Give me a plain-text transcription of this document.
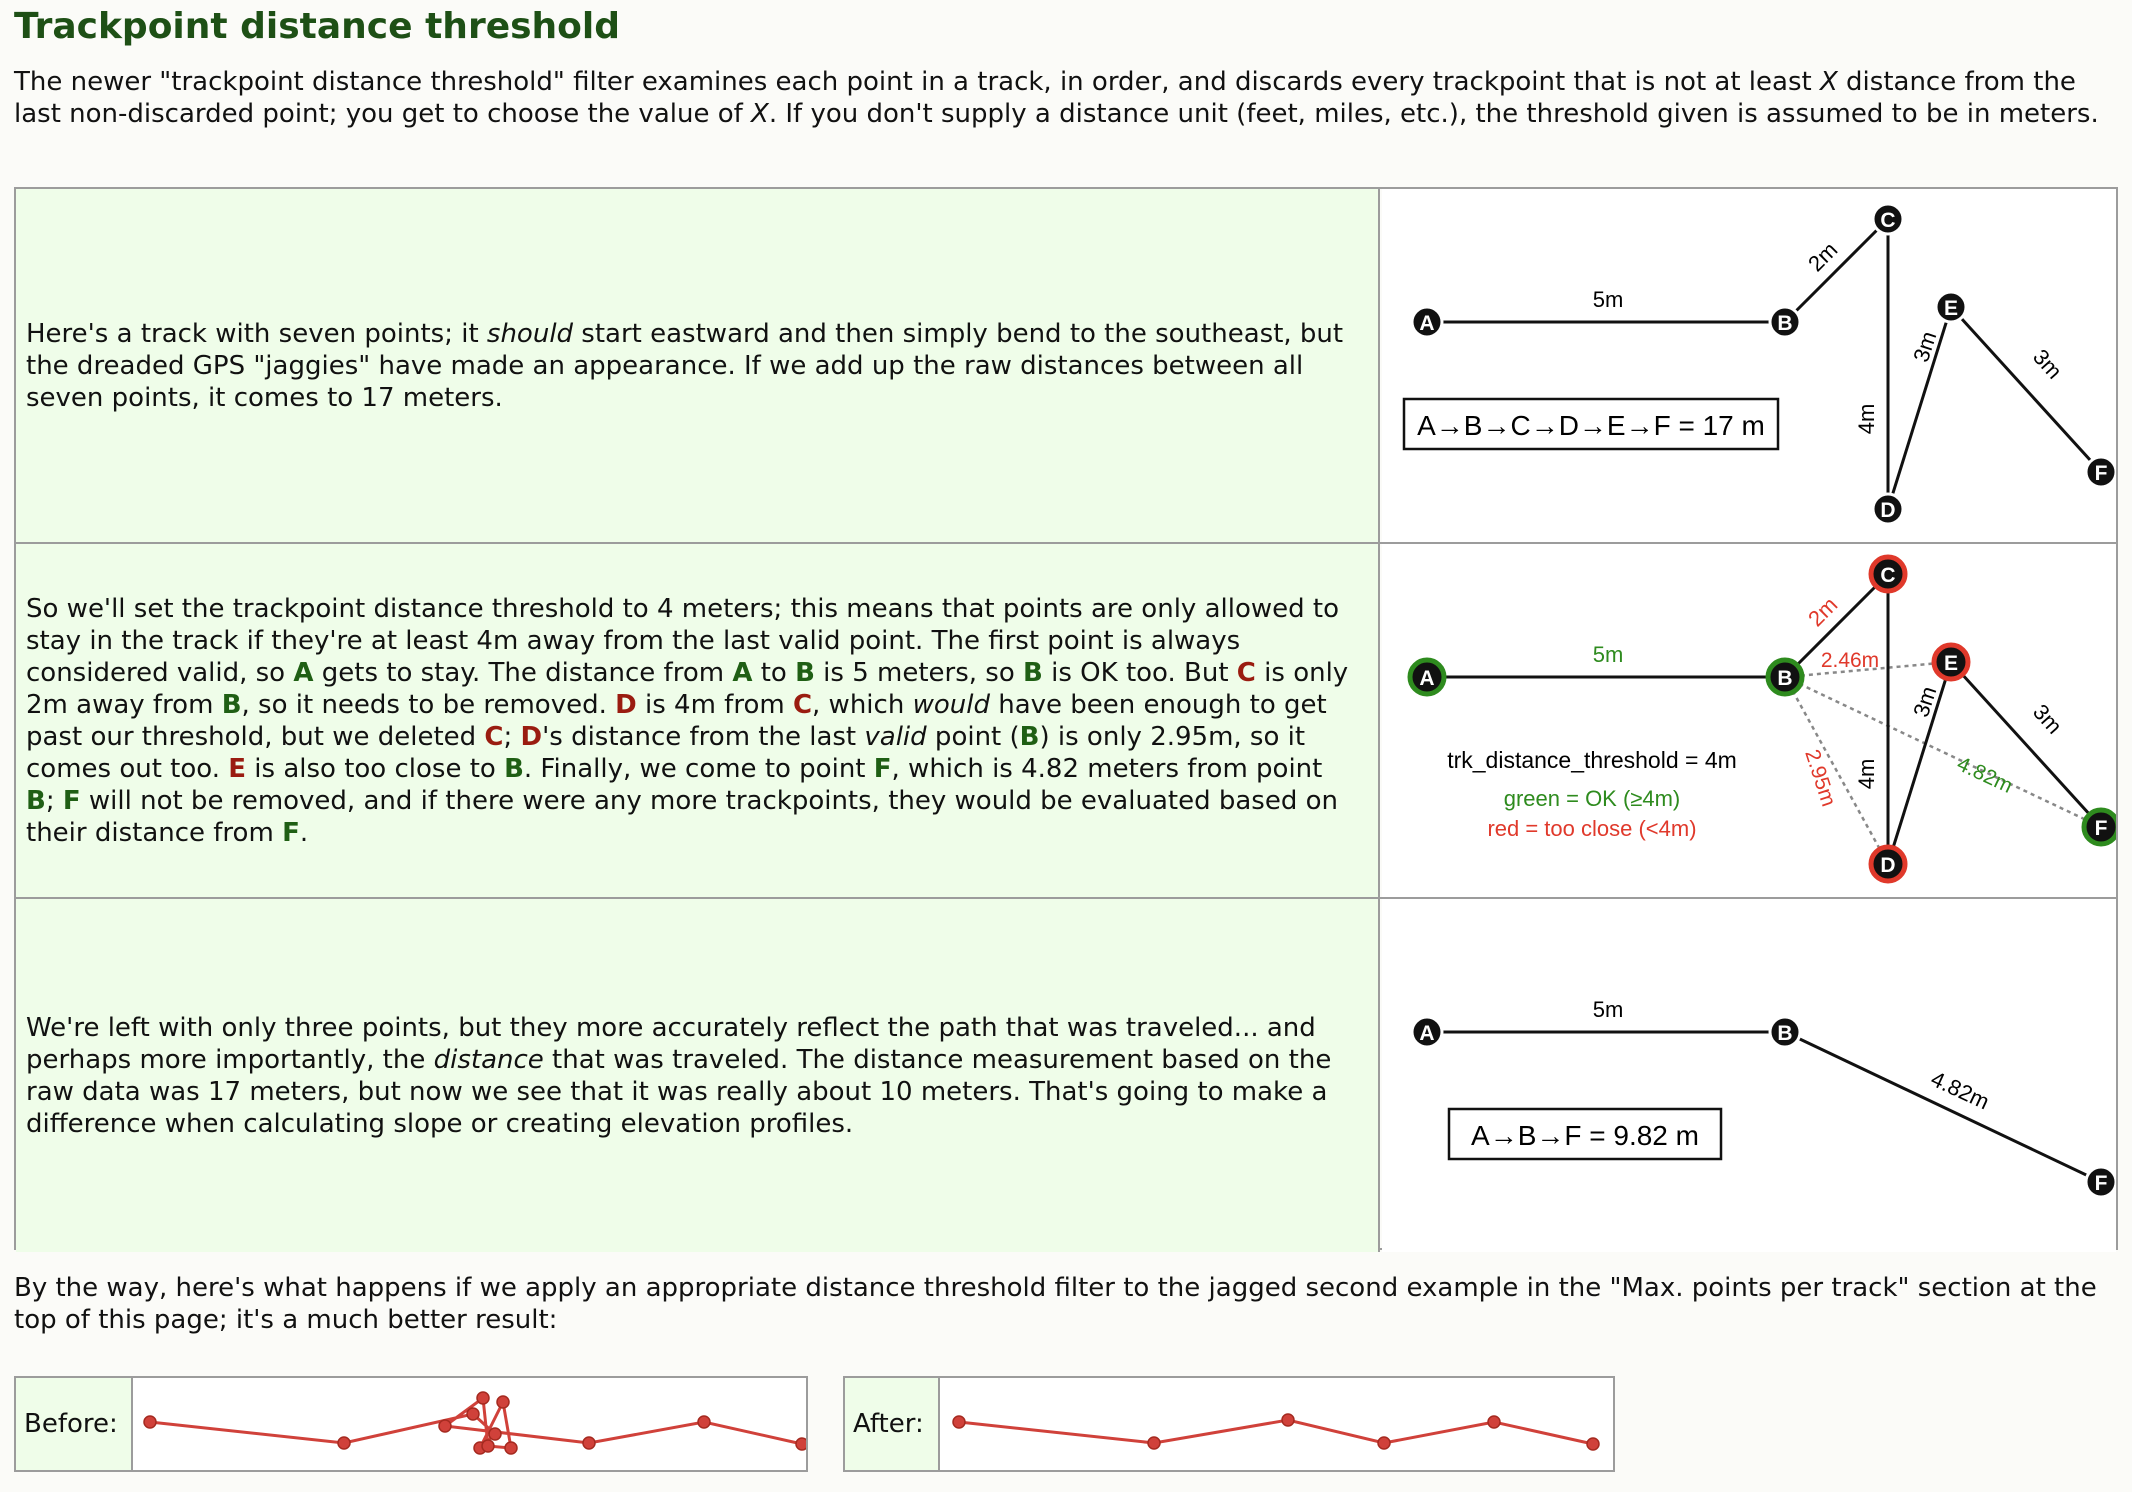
Trackpoint distance threshold

The newer "trackpoint distance threshold" filter examines each point in a track, in order, and discards every trackpoint that is not at least X distance from the last non-discarded point; you get to choose the value of X. If you don't supply a distance unit (feet, miles, etc.), the threshold given is assumed to be in meters.

Here's a track with seven points; it should start eastward and then simply bend to the southeast, but the dreaded GPS "jaggies" have made an appearance. If we add up the raw distances between all seven points, it comes to 17 meters.

5m
2m
4m
3m	3m
A→B→C→D→E→F = 17 m
A	B
C
D
E
F

So we'll set the trackpoint distance threshold to 4 meters; this means that points are only allowed to stay in the track if they're at least 4m away from the last valid point. The first point is always considered valid, so A gets to stay. The distance from A to B is 5 meters, so B is OK too. But C is only 2m away from B, so it needs to be removed. D is 4m from C, which would have been enough to get past our threshold, but we deleted C; D's distance from the last valid point (B) is only 2.95m, so it comes out too. E is also too close to B. Finally, we come to point F, which is 4.82 meters from point B; F will not be removed, and if there were any more trackpoints, they would be evaluated based on their distance from F.

5m
2m
2.46m
2.95m 4m
3m	3m
4.82m
trk_distance_threshold = 4m
green = OK (≥4m)
red = too close (<4m)
A	B
C
D
E
F

We're left with only three points, but they more accurately reflect the path that was traveled... and perhaps more importantly, the distance that was traveled. The distance measurement based on the raw data was 17 meters, but now we see that it was really about 10 meters. That's going to make a difference when calculating slope or creating elevation profiles.

5m
4.82m
A→B→F = 9.82 m
A	B
F

By the way, here's what happens if we apply an appropriate distance threshold filter to the jagged second example in the "Max. points per track" section at the top of this page; it's a much better result:

Before:	After:
